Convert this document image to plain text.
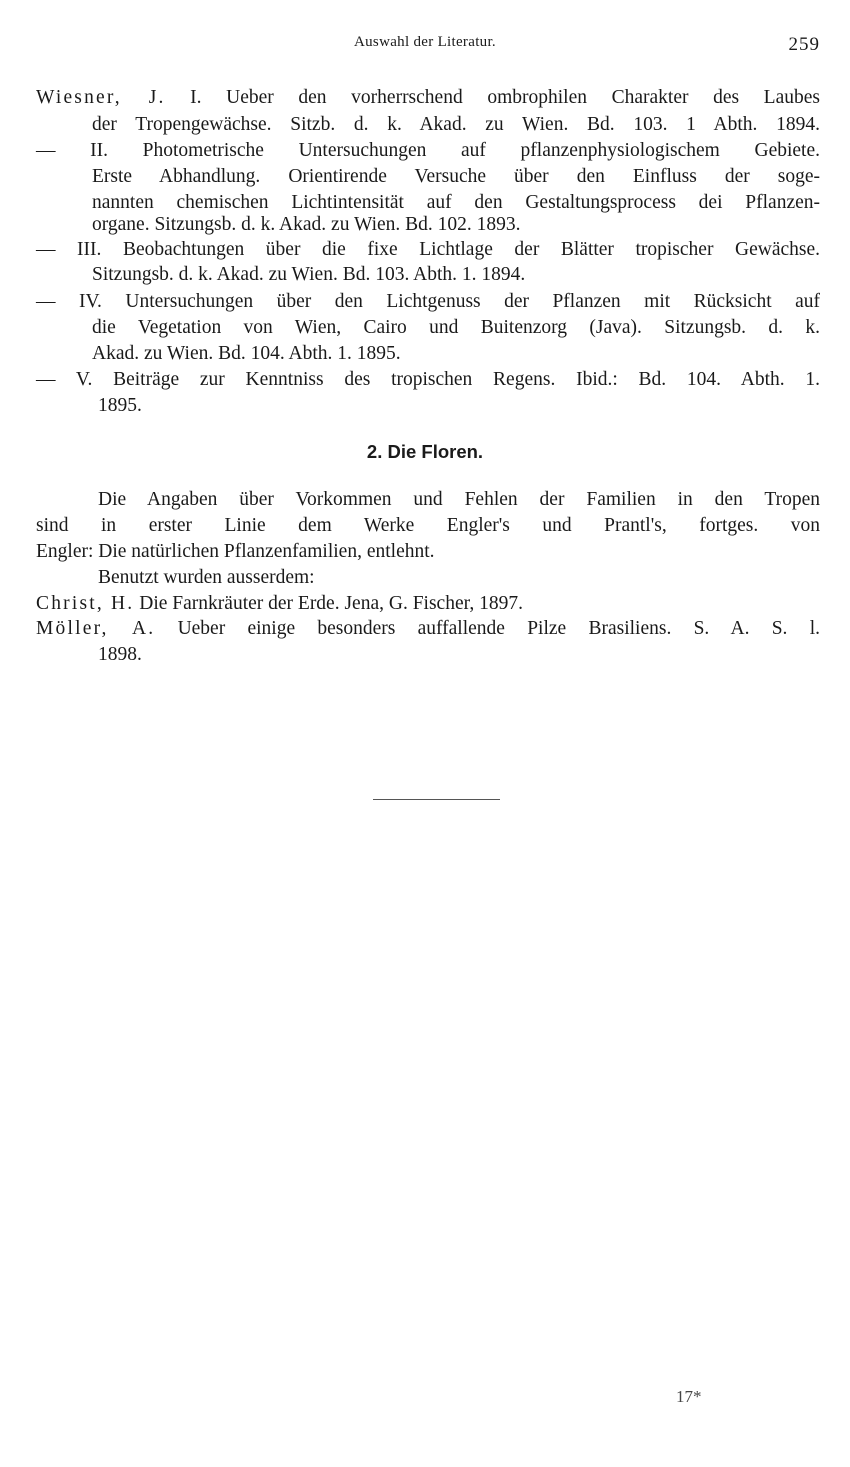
Auswahl der Literatur.	259
Wiesner, J. I. Ueber den vorherrschend ombrophilen Charakter des Laubes
der Tropengewächse. Sitzb. d. k. Akad. zu Wien. Bd. 103. 1 Abth. 1894.
— II. Photometrische Untersuchungen auf pflanzenphysiologischem Gebiete.
Erste Abhandlung. Orientirende Versuche über den Einfluss der soge-
nannten chemischen Lichtintensität auf den Gestaltungsprocess dei Pflanzen-
organe. Sitzungsb. d. k. Akad. zu Wien. Bd. 102. 1893.
— III. Beobachtungen über die fixe Lichtlage der Blätter tropischer Gewächse.
Sitzungsb. d. k. Akad. zu Wien. Bd. 103. Abth. 1. 1894.
— IV. Untersuchungen über den Lichtgenuss der Pflanzen mit Rücksicht auf
die Vegetation von Wien, Cairo und Buitenzorg (Java). Sitzungsb. d. k.
Akad. zu Wien. Bd. 104. Abth. 1. 1895.
— V. Beiträge zur Kenntniss des tropischen Regens. Ibid.: Bd. 104. Abth. 1.
1895.
2. Die Floren.
Die Angaben über Vorkommen und Fehlen der Familien in den Tropen
sind in erster Linie dem Werke Engler's und Prantl's, fortges. von
Engler: Die natürlichen Pflanzenfamilien, entlehnt.
Benutzt wurden ausserdem:
Christ, H. Die Farnkräuter der Erde. Jena, G. Fischer, 1897.
Möller, A. Ueber einige besonders auffallende Pilze Brasiliens. S. A. S. l.
1898.
17*
